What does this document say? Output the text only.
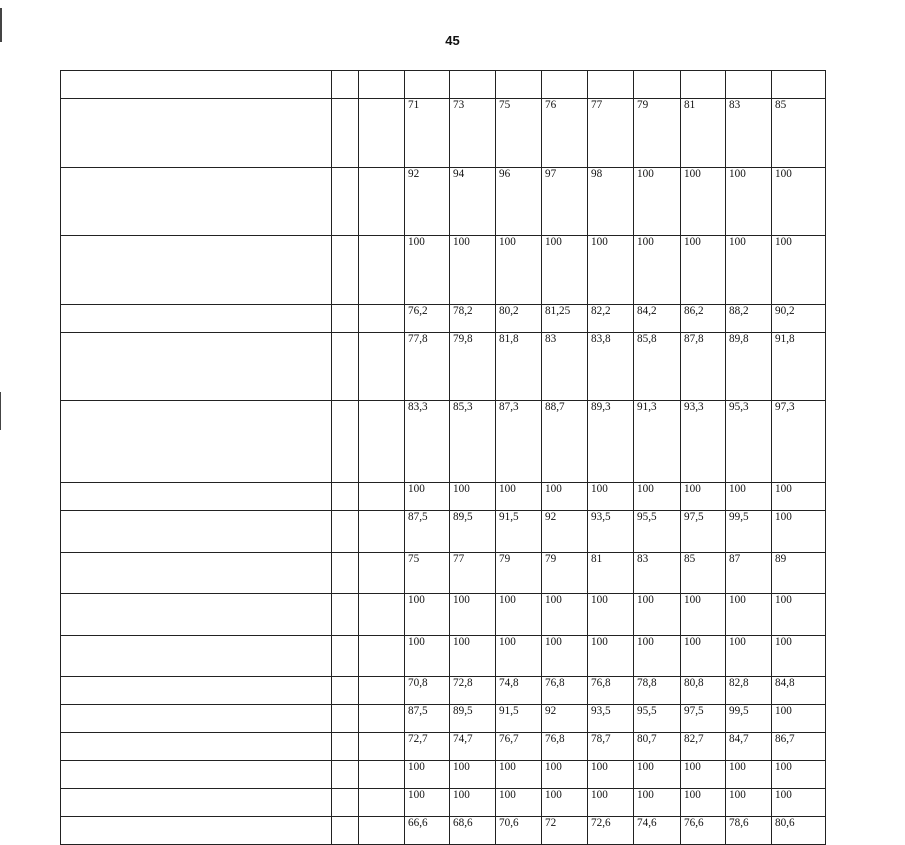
45

			71	73	75	76	77	79	81	83	85	
			92	94	96	97	98	100	100	100	100	
			100	100	100	100	100	100	100	100	100	
			76,2	78,2	80,2	81,25	82,2	84,2	86,2	88,2	90,2	
			77,8	79,8	81,8	83	83,8	85,8	87,8	89,8	91,8	
			83,3	85,3	87,3	88,7	89,3	91,3	93,3	95,3	97,3	
			100	100	100	100	100	100	100	100	100	
			87,5	89,5	91,5	92	93,5	95,5	97,5	99,5	100	
			75	77	79	79	81	83	85	87	89	
			100	100	100	100	100	100	100	100	100	
			100	100	100	100	100	100	100	100	100	
			70,8	72,8	74,8	76,8	76,8	78,8	80,8	82,8	84,8	
			87,5	89,5	91,5	92	93,5	95,5	97,5	99,5	100	
			72,7	74,7	76,7	76,8	78,7	80,7	82,7	84,7	86,7	
			100	100	100	100	100	100	100	100	100	
			100	100	100	100	100	100	100	100	100	
			66,6	68,6	70,6	72	72,6	74,6	76,6	78,6	80,6	
